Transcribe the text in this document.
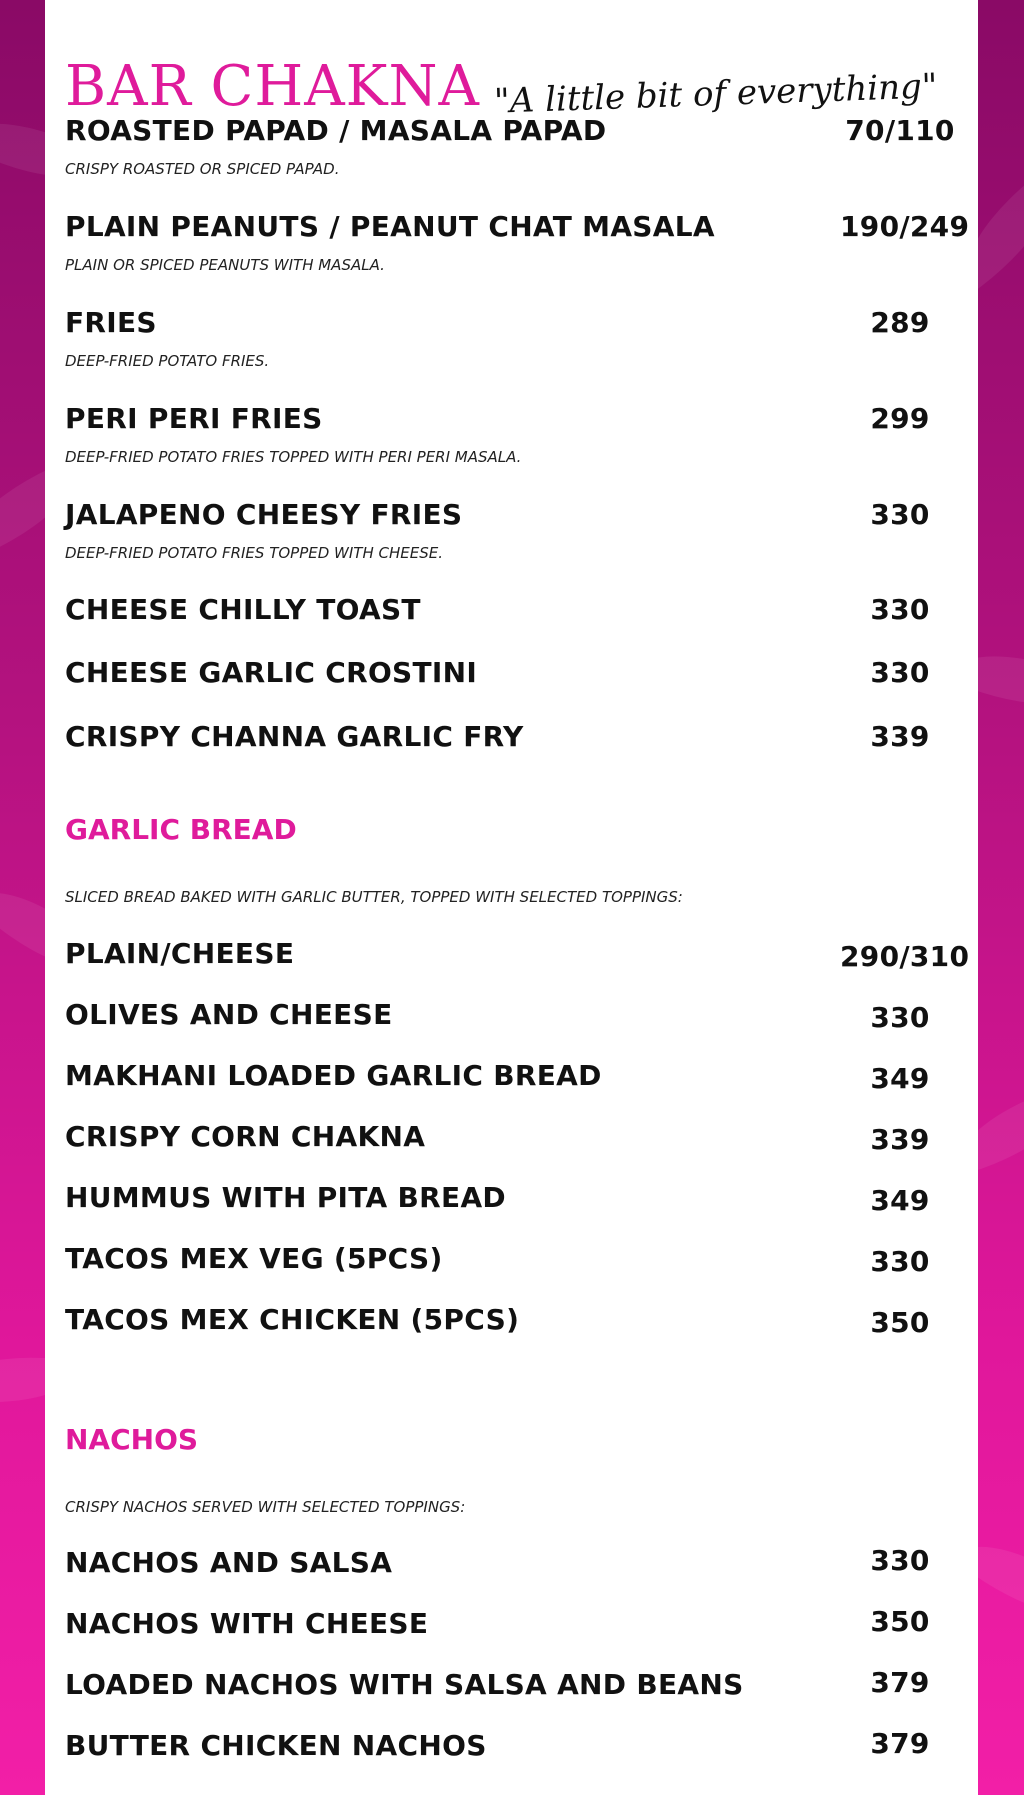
BAR CHAKNA "A little bit of everything"
ROASTED PAPAD / MASALA PAPAD	70/110
CRISPY ROASTED OR SPICED PAPAD.
PLAIN PEANUTS / PEANUT CHAT MASALA	190/249
PLAIN OR SPICED PEANUTS WITH MASALA.
FRIES	289
DEEP-FRIED POTATO FRIES.
PERI PERI FRIES	299
DEEP-FRIED POTATO FRIES TOPPED WITH PERI PERI MASALA.
JALAPENO CHEESY FRIES	330
DEEP-FRIED POTATO FRIES TOPPED WITH CHEESE.
CHEESE CHILLY TOAST	330
CHEESE GARLIC CROSTINI	330
CRISPY CHANNA GARLIC FRY	339
GARLIC BREAD
SLICED BREAD BAKED WITH GARLIC BUTTER, TOPPED WITH SELECTED TOPPINGS:
PLAIN/CHEESE	290/310
OLIVES AND CHEESE	330
MAKHANI LOADED GARLIC BREAD	349
CRISPY CORN CHAKNA	339
HUMMUS WITH PITA BREAD	349
TACOS MEX VEG (5PCS)	330
TACOS MEX CHICKEN (5PCS)	350
NACHOS
CRISPY NACHOS SERVED WITH SELECTED TOPPINGS:
NACHOS AND SALSA	330
NACHOS WITH CHEESE	350
LOADED NACHOS WITH SALSA AND BEANS	379
BUTTER CHICKEN NACHOS	379
